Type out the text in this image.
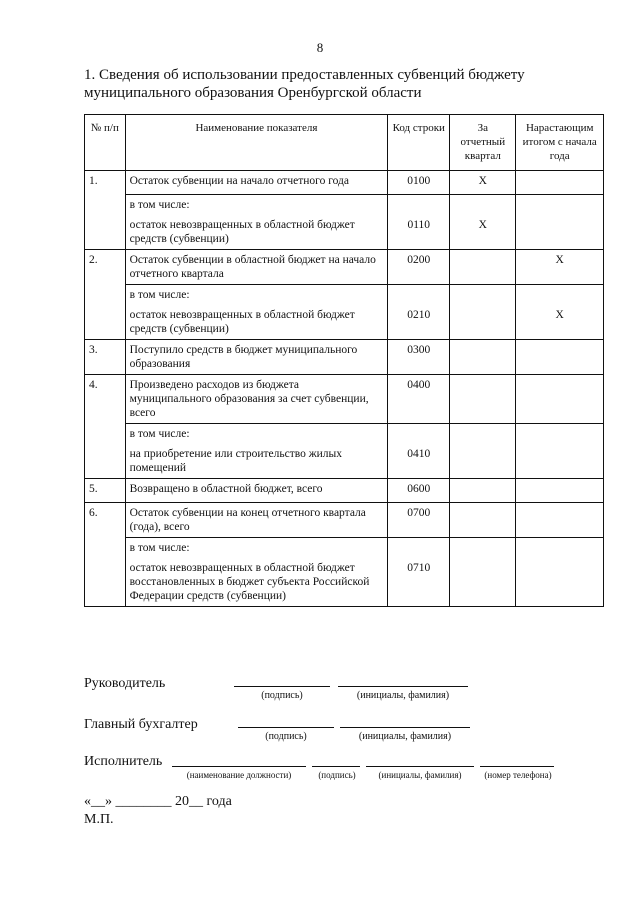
8
1. Сведения об использовании предоставленных субвенций бюджету муниципального образования Оренбургской области
№ п/п	Наименование показателя	Код строки	За отчетный квартал	Нарастающим итогом с начала года
1.	Остаток субвенции на начало отчетного года	0100	X	
	в том числе:			
	остаток невозвращенных в областной бюджет средств (субвенции)	0110	X	
2.	Остаток субвенции в областной бюджет на начало отчетного квартала	0200		X
	в том числе:			
	остаток невозвращенных в областной бюджет средств (субвенции)	0210		X
3.	Поступило средств в бюджет муниципального образования	0300		
4.	Произведено расходов из бюджета муниципального образования за счет субвенции, всего	0400		
	в том числе:			
	на приобретение или строительство жилых помещений	0410		
5.	Возвращено в областной бюджет, всего	0600		
6.	Остаток субвенции на конец отчетного квартала (года), всего	0700		
	в том числе:			
	остаток невозвращенных в областной бюджет восстановленных в бюджет субъекта Российской Федерации средств (субвенции)	0710		
Руководитель
(подпись)	(инициалы, фамилия)
Главный бухгалтер
(подпись)	(инициалы, фамилия)
Исполнитель
(наименование должности)	(подпись)	(инициалы, фамилия)	(номер телефона)
«__» ________ 20__ года
М.П.
